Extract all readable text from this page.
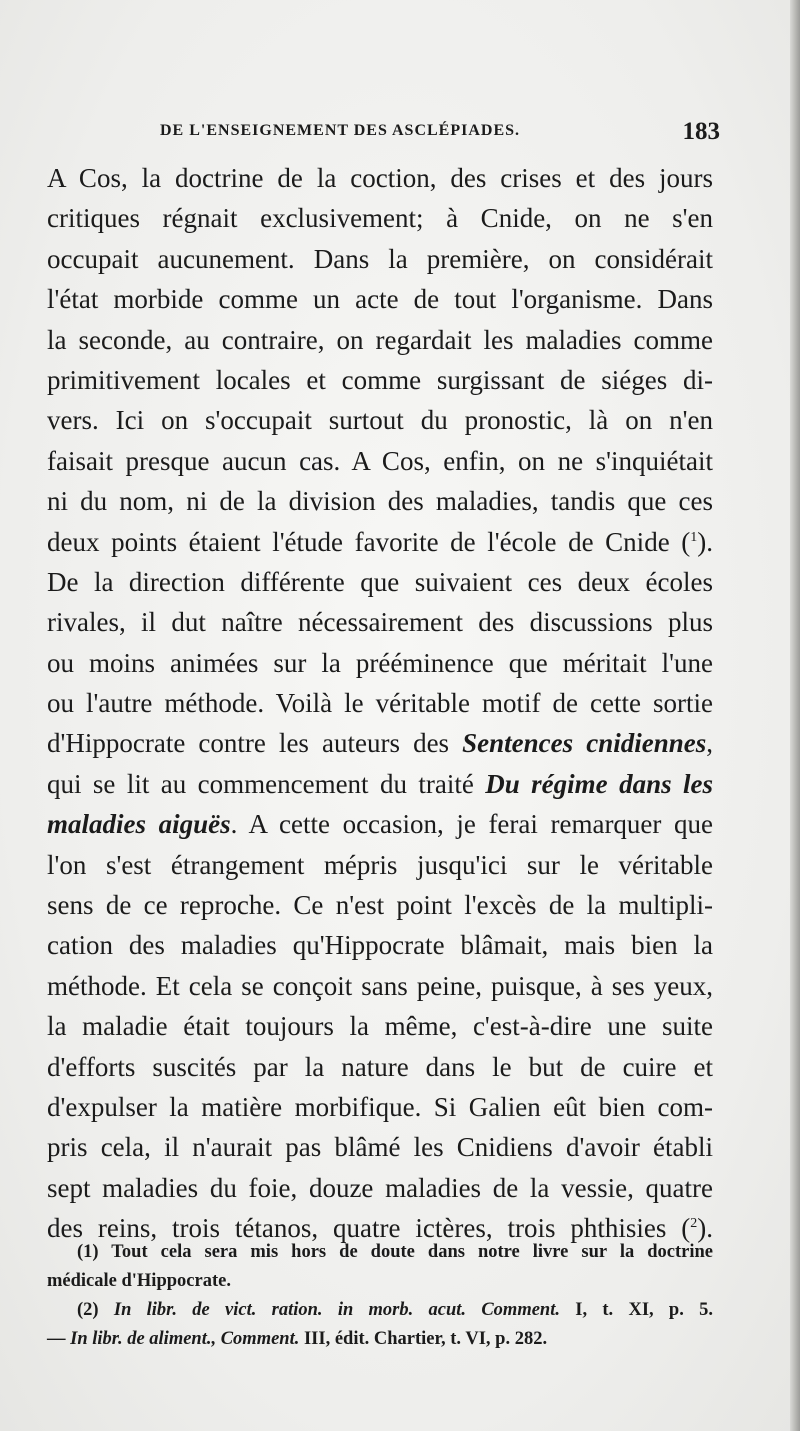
DE L'ENSEIGNEMENT DES ASCLÉPIADES.	183
A Cos, la doctrine de la coction, des crises et des jours
critiques régnait exclusivement; à Cnide, on ne s'en
occupait aucunement. Dans la première, on considérait
l'état morbide comme un acte de tout l'organisme. Dans
la seconde, au contraire, on regardait les maladies comme
primitivement locales et comme surgissant de siéges di-
vers. Ici on s'occupait surtout du pronostic, là on n'en
faisait presque aucun cas. A Cos, enfin, on ne s'inquiétait
ni du nom, ni de la division des maladies, tandis que ces
deux points étaient l'étude favorite de l'école de Cnide ($^1$).
De la direction différente que suivaient ces deux écoles
rivales, il dut naître nécessairement des discussions plus
ou moins animées sur la prééminence que méritait l'une
ou l'autre méthode. Voilà le véritable motif de cette sortie
d'Hippocrate contre les auteurs des Sentences cnidiennes,
qui se lit au commencement du traité Du régime dans les
maladies aiguës. A cette occasion, je ferai remarquer que
l'on s'est étrangement mépris jusqu'ici sur le véritable
sens de ce reproche. Ce n'est point l'excès de la multipli-
cation des maladies qu'Hippocrate blâmait, mais bien la
méthode. Et cela se conçoit sans peine, puisque, à ses yeux,
la maladie était toujours la même, c'est-à-dire une suite
d'efforts suscités par la nature dans le but de cuire et
d'expulser la matière morbifique. Si Galien eût bien com-
pris cela, il n'aurait pas blâmé les Cnidiens d'avoir établi
sept maladies du foie, douze maladies de la vessie, quatre
des reins, trois tétanos, quatre ictères, trois phthisies ($^2$).
(1) Tout cela sera mis hors de doute dans notre livre sur la doctrine
médicale d'Hippocrate.
(2) In libr. de vict. ration. in morb. acut. Comment. I, t. XI, p. 5.
— In libr. de aliment., Comment. III, édit. Chartier, t. VI, p. 282.
